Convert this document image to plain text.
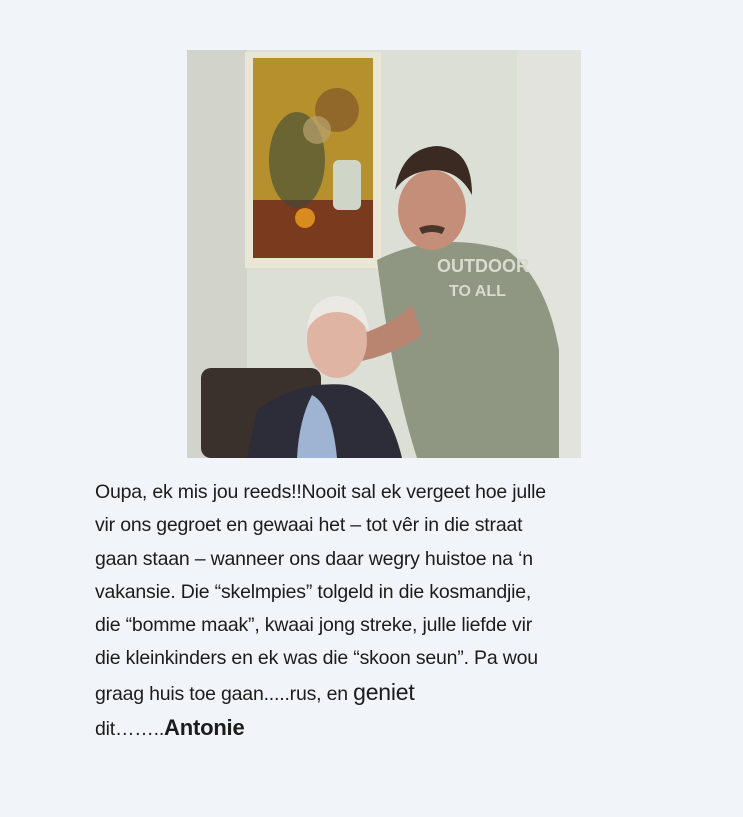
OUTDOOR
TO ALL
Oupa, ek mis jou reeds!!Nooit sal ek vergeet hoe julle
vir ons gegroet en gewaai het – tot vêr in die straat
gaan staan – wanneer ons daar wegry huistoe na ‘n
vakansie. Die “skelmpies” tolgeld in die kosmandjie,
die “bomme maak”, kwaai jong streke, julle liefde vir
die kleinkinders en ek was die “skoon seun”. Pa wou
graag huis toe gaan.....rus, en geniet
dit……..Antonie
